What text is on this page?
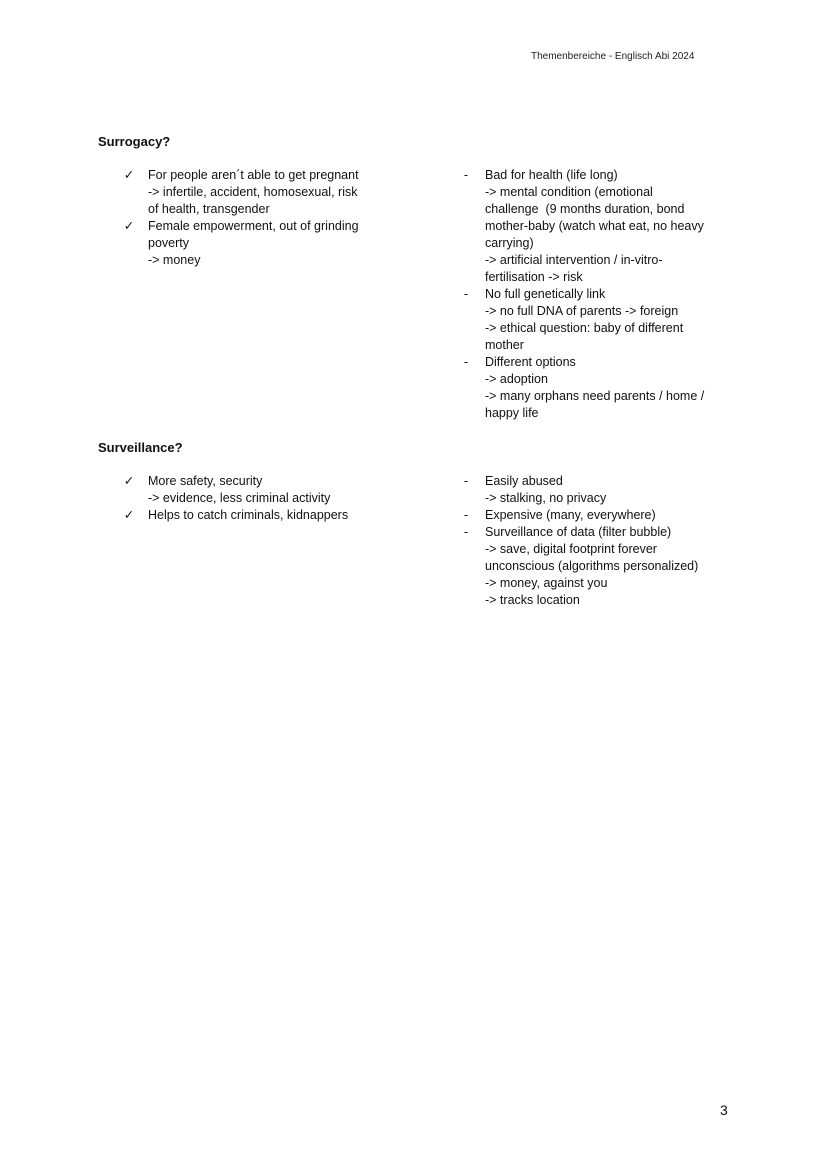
Themenbereiche - Englisch Abi 2024
Surrogacy?
✓ For people aren´t able to get pregnant
-> infertile, accident, homosexual, risk
of health, transgender
✓ Female empowerment, out of grinding
poverty
-> money
-	Bad for health (life long)
-> mental condition (emotional
challenge  (9 months duration, bond
mother-baby (watch what eat, no heavy
carrying)
-> artificial intervention / in-vitro-
fertilisation -> risk
-	No full genetically link
-> no full DNA of parents -> foreign
-> ethical question: baby of different
mother
-	Different options
-> adoption
-> many orphans need parents / home /
happy life
Surveillance?
✓ More safety, security
-> evidence, less criminal activity
✓ Helps to catch criminals, kidnappers
-	Easily abused
-> stalking, no privacy
-	Expensive (many, everywhere)
-	Surveillance of data (filter bubble)
-> save, digital footprint forever
unconscious (algorithms personalized)
-> money, against you
-> tracks location
3
